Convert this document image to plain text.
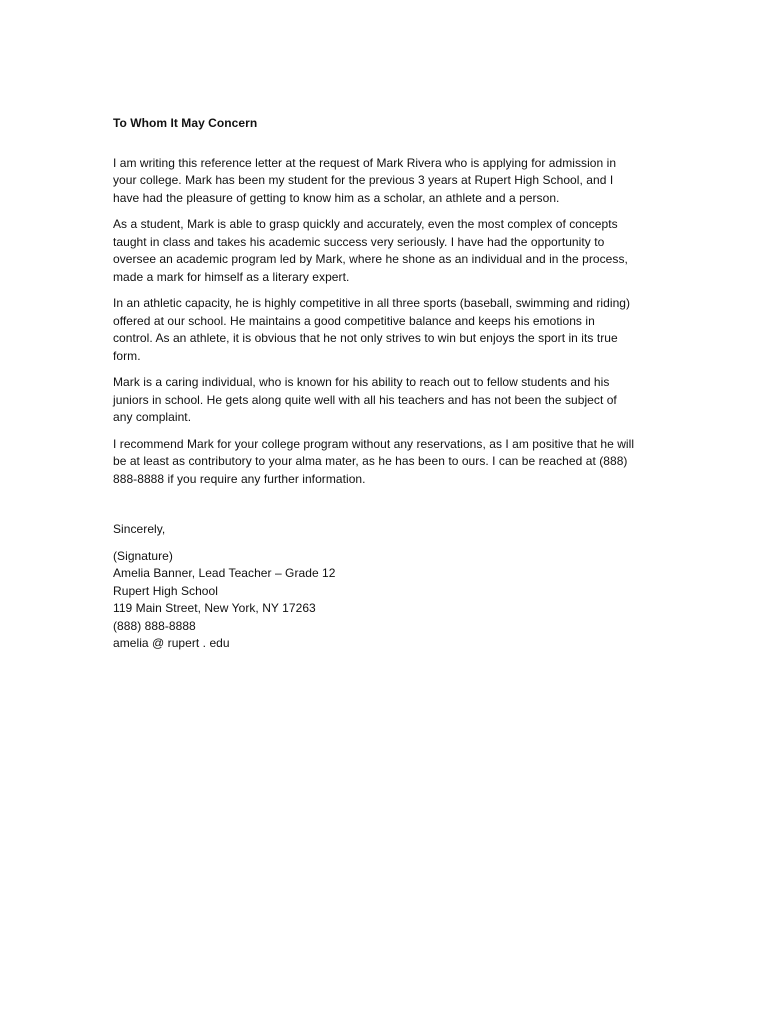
To Whom It May Concern
I am writing this reference letter at the request of Mark Rivera who is applying for admission in
your college. Mark has been my student for the previous 3 years at Rupert High School, and I
have had the pleasure of getting to know him as a scholar, an athlete and a person.
As a student, Mark is able to grasp quickly and accurately, even the most complex of concepts
taught in class and takes his academic success very seriously. I have had the opportunity to
oversee an academic program led by Mark, where he shone as an individual and in the process,
made a mark for himself as a literary expert.
In an athletic capacity, he is highly competitive in all three sports (baseball, swimming and riding)
offered at our school. He maintains a good competitive balance and keeps his emotions in
control. As an athlete, it is obvious that he not only strives to win but enjoys the sport in its true
form.
Mark is a caring individual, who is known for his ability to reach out to fellow students and his
juniors in school. He gets along quite well with all his teachers and has not been the subject of
any complaint.
I recommend Mark for your college program without any reservations, as I am positive that he will
be at least as contributory to your alma mater, as he has been to ours. I can be reached at (888)
888-8888 if you require any further information.
Sincerely,
(Signature)
Amelia Banner, Lead Teacher – Grade 12
Rupert High School
119 Main Street, New York, NY 17263
(888) 888-8888
amelia @ rupert . edu
